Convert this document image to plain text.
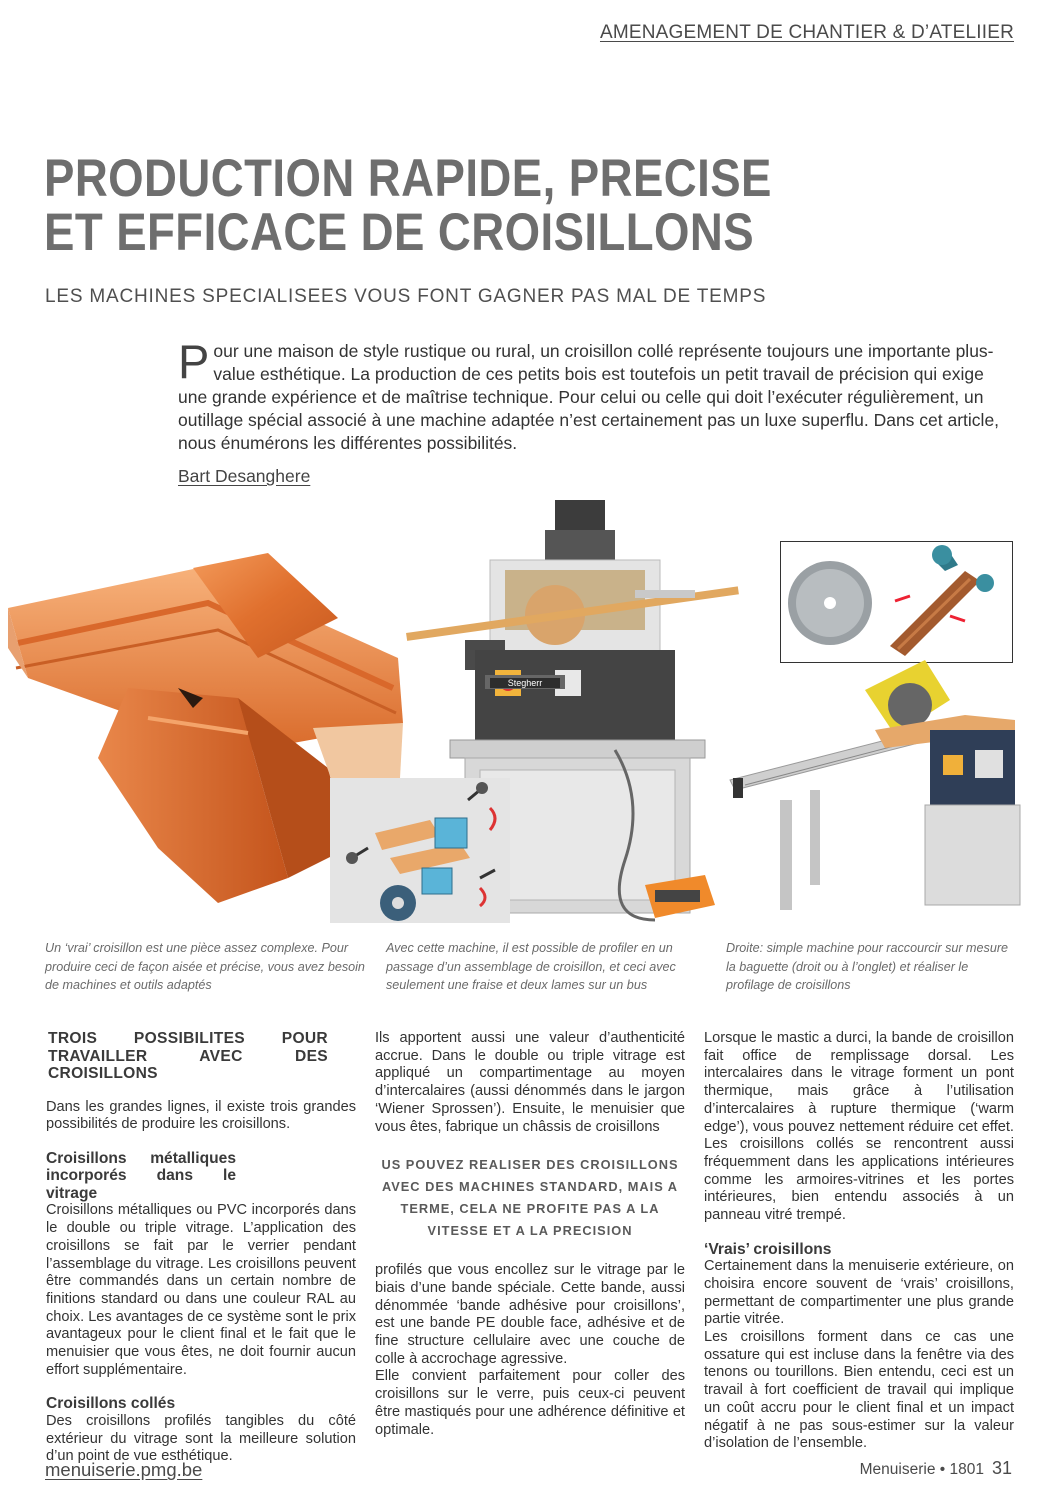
AMENAGEMENT DE CHANTIER & D’ATELIIER
PRODUCTION RAPIDE, PRECISE
ET EFFICACE DE CROISILLONS
LES MACHINES SPECIALISEES VOUS FONT GAGNER PAS MAL DE TEMPS
Pour une maison de style rustique ou rural, un croisillon collé représente toujours une importante plus-value esthétique. La production de ces petits bois est toutefois un petit travail de précision qui exige une grande expérience et de maîtrise technique. Pour celui ou celle qui doit l’exécuter régulièrement, un outillage spécial associé à une machine adaptée n’est certainement pas un luxe superflu. Dans cet article, nous énumérons les différentes possibilités.
Bart Desanghere
Stegherr
Un ‘vrai’ croisillon est une pièce assez complexe. Pour produire ceci de façon aisée et précise, vous avez besoin de machines et outils adaptés
Avec cette machine, il est possible de profiler en un passage d’un assemblage de croisillon, et ceci avec seulement une fraise et deux lames sur un bus
Droite: simple machine pour raccourcir sur mesure la baguette (droit ou à l’onglet) et réaliser le profilage de croisillons
TROIS POSSIBILITES POUR TRAVAILLER AVEC DES CROISILLONS

Dans les grandes lignes, il existe trois grandes possibilités de produire les croisillons.

Croisillons métalliques incorporés dans le vitrage

Croisillons métalliques ou PVC incorporés dans le double ou triple vitrage. L’application des croisillons se fait par le verrier pendant l’assemblage du vitrage. Les croisillons peuvent être commandés dans un certain nombre de finitions standard ou dans une couleur RAL au choix. Les avantages de ce système sont le prix avantageux pour le client final et le fait que le menuisier que vous êtes, ne doit fournir aucun effort supplémentaire.

Croisillons collés

Des croisillons profilés tangibles du côté extérieur du vitrage sont la meilleure solution d’un point de vue esthétique.

Ils apportent aussi une valeur d’authenticité accrue. Dans le double ou triple vitrage est appliqué un compartimentage au moyen d’intercalaires (aussi dénommés dans le jargon ‘Wiener Sprossen’). Ensuite, le menuisier que vous êtes, fabrique un châssis de croisillons

US POUVEZ REALISER DES CROISILLONS AVEC DES MACHINES STANDARD, MAIS A TERME, CELA NE PROFITE PAS A LA VITESSE ET A LA PRECISION

profilés que vous encollez sur le vitrage par le biais d’une bande spéciale. Cette bande, aussi dénommée ‘bande adhésive pour croisillons’, est une bande PE double face, adhésive et de fine structure cellulaire avec une couche de colle à accrochage agressive.

Elle convient parfaitement pour coller des croisillons sur le verre, puis ceux-ci peuvent être mastiqués pour une adhérence définitive et optimale.

Lorsque le mastic a durci, la bande de croisillon fait office de remplissage dorsal. Les intercalaires dans le vitrage forment un pont thermique, mais grâce à l’utilisation d’intercalaires à rupture thermique (‘warm edge’), vous pouvez nettement réduire cet effet. Les croisillons collés se rencontrent aussi fréquemment dans les applications intérieures comme les armoires-vitrines et les portes intérieures, bien entendu associés à un panneau vitré trempé.

‘Vrais’ croisillons

Certainement dans la menuiserie extérieure, on choisira encore souvent de ‘vrais’ croisillons, permettant de compartimenter une plus grande partie vitrée.

Les croisillons forment dans ce cas une ossature qui est incluse dans la fenêtre via des tenons ou tourillons. Bien entendu, ceci est un travail à fort coefficient de travail qui implique un coût accru pour le client final et un impact négatif à ne pas sous-estimer sur la valeur d’isolation de l’ensemble.

menuiserie.pmg.be	Menuiserie • 1801 31
